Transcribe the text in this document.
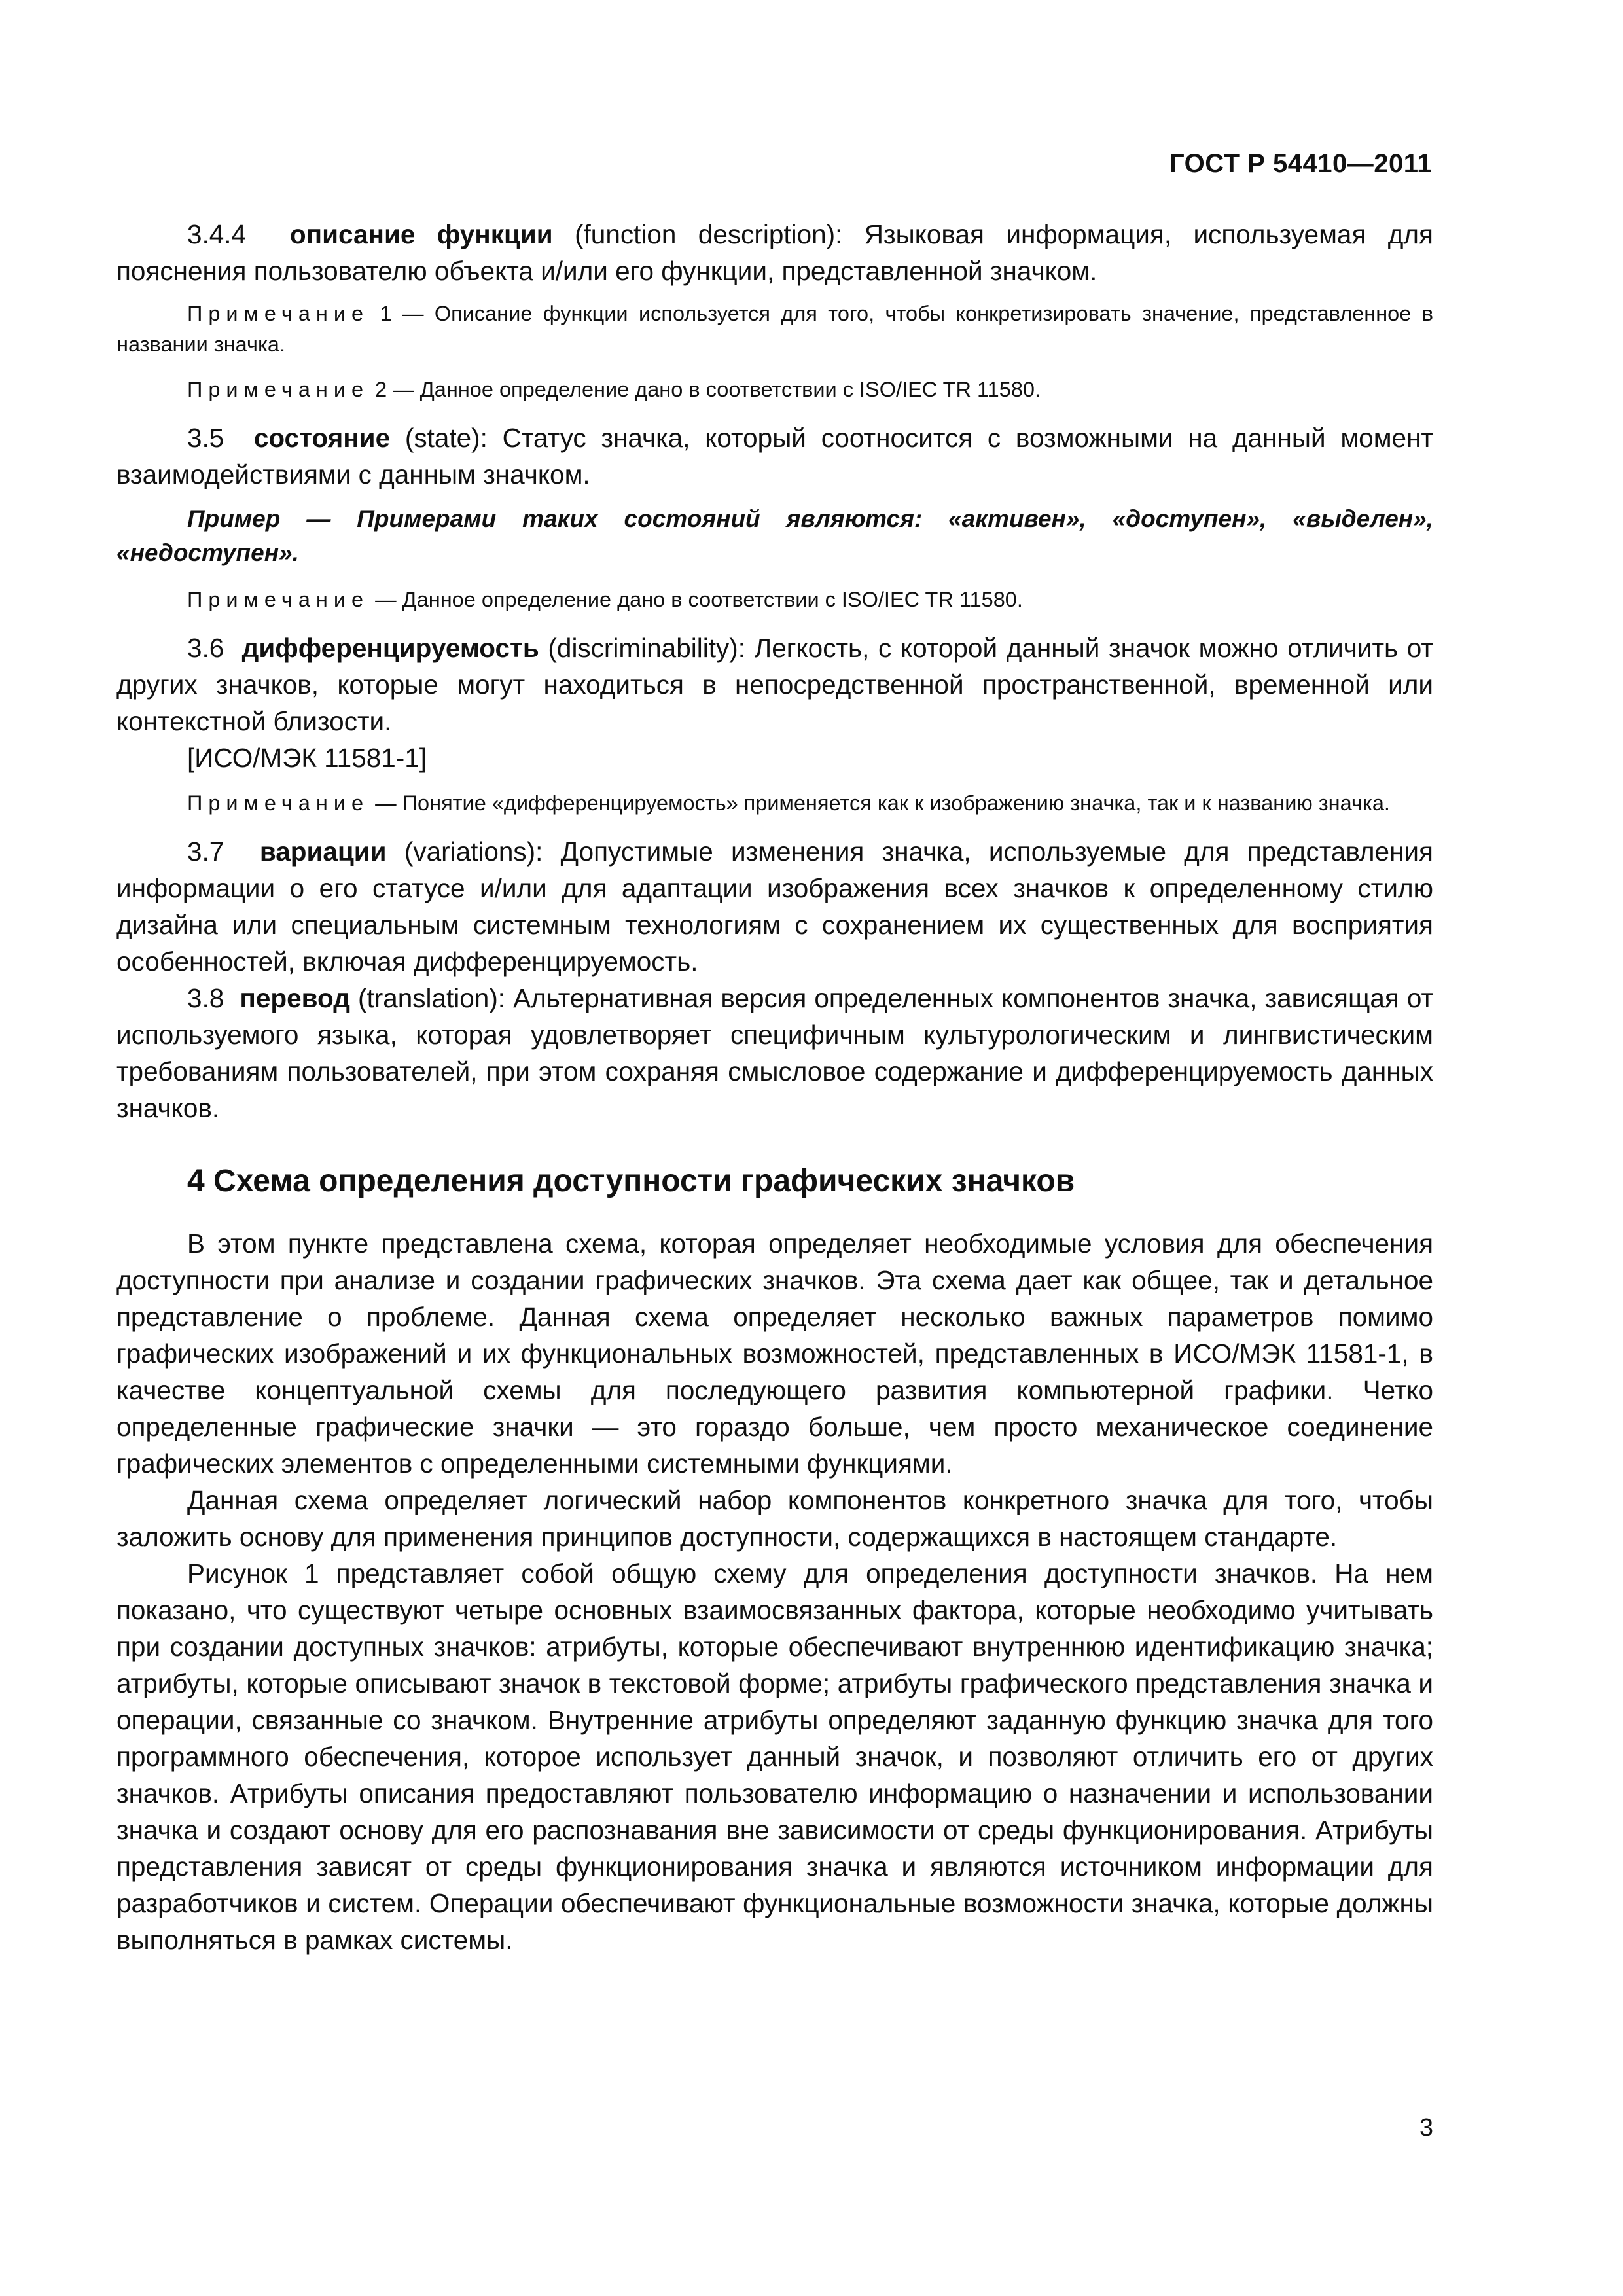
ГОСТ Р 54410—2011

3.4.4 описание функции (function description): Языковая информация, используемая для пояснения пользователю объекта и/или его функции, представленной значком.

Примечание 1 — Описание функции используется для того, чтобы конкретизировать значение, представленное в названии значка.

Примечание 2 — Данное определение дано в соответствии с ISO/IEC TR 11580.

3.5 состояние (state): Статус значка, который соотносится с возможными на данный момент взаимодействиями с данным значком.

Пример — Примерами таких состояний являются: «активен», «доступен», «выделен», «недоступен».

Примечание — Данное определение дано в соответствии с ISO/IEC TR 11580.

3.6 дифференцируемость (discriminability): Легкость, с которой данный значок можно отличить от других значков, которые могут находиться в непосредственной пространственной, временной или контекстной близости.

[ИСО/МЭК 11581-1]

Примечание — Понятие «дифференцируемость» применяется как к изображению значка, так и к названию значка.

3.7 вариации (variations): Допустимые изменения значка, используемые для представления информации о его статусе и/или для адаптации изображения всех значков к определенному стилю дизайна или специальным системным технологиям с сохранением их существенных для восприятия особенностей, включая дифференцируемость.

3.8 перевод (translation): Альтернативная версия определенных компонентов значка, зависящая от используемого языка, которая удовлетворяет специфичным культурологическим и лингвистическим требованиям пользователей, при этом сохраняя смысловое содержание и дифференцируемость данных значков.

4 Схема определения доступности графических значков

В этом пункте представлена схема, которая определяет необходимые условия для обеспечения доступности при анализе и создании графических значков. Эта схема дает как общее, так и детальное представление о проблеме. Данная схема определяет несколько важных параметров помимо графических изображений и их функциональных возможностей, представленных в ИСО/МЭК 11581-1, в качестве концептуальной схемы для последующего развития компьютерной графики. Четко определенные графические значки — это гораздо больше, чем просто механическое соединение графических элементов с определенными системными функциями.

Данная схема определяет логический набор компонентов конкретного значка для того, чтобы заложить основу для применения принципов доступности, содержащихся в настоящем стандарте.

Рисунок 1 представляет собой общую схему для определения доступности значков. На нем показано, что существуют четыре основных взаимосвязанных фактора, которые необходимо учитывать при создании доступных значков: атрибуты, которые обеспечивают внутреннюю идентификацию значка; атрибуты, которые описывают значок в текстовой форме; атрибуты графического представления значка и операции, связанные со значком. Внутренние атрибуты определяют заданную функцию значка для того программного обеспечения, которое использует данный значок, и позволяют отличить его от других значков. Атрибуты описания предоставляют пользователю информацию о назначении и использовании значка и создают основу для его распознавания вне зависимости от среды функционирования. Атрибуты представления зависят от среды функционирования значка и являются источником информации для разработчиков и систем. Операции обеспечивают функциональные возможности значка, которые должны выполняться в рамках системы.

3
